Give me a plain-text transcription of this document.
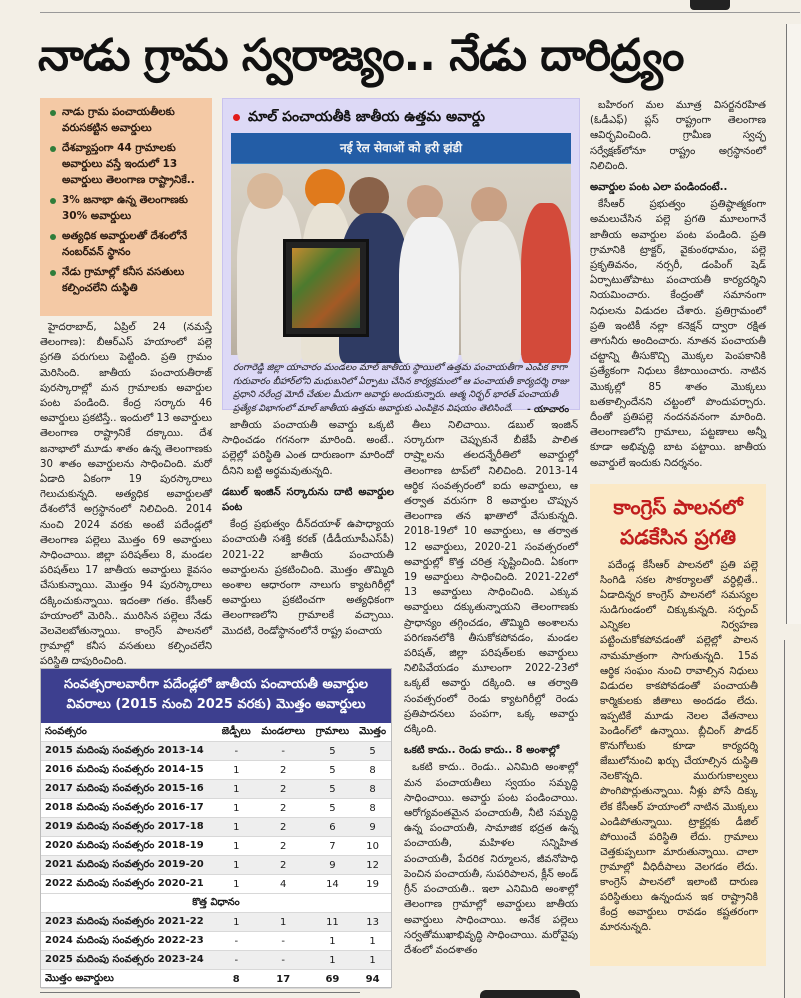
నాడు గ్రామ స్వరాజ్యం.. నేడు దారిద్ర్యం
నాడు గ్రామ పంచాయతీలకు వరుసకట్టిన అవార్డులు
దేశవ్యాప్తంగా 44 గ్రామాలకు అవార్డులు వస్తే ఇందులో 13 అవార్డులు తెలంగాణ రాష్ట్రానికే..
3% జనాభా ఉన్న తెలంగాణకు 30% అవార్డులు
అత్యధిక అవార్డులతో దేశంలోనే నంబర్‌వన్ స్థానం
నేడు గ్రామాల్లో కనీస వసతులు కల్పించలేని దుస్థితి

హైదరాబాద్, ఏప్రిల్ 24 (నమస్తే తెలంగాణ): బీఆర్‌ఎస్ హయాంలో పల్లె ప్రగతి పరుగులు పెట్టింది. ప్రతి గ్రామం మెరిసింది. జాతీయ పంచాయతీరాజ్ పురస్కారాల్లో మన గ్రామాలకు అవార్డుల పంట పండింది. కేంద్ర సర్కారు 46 అవార్డులు ప్రకటిస్తే.. ఇందులో 13 అవార్డులు తెలంగాణ రాష్ట్రానికే దక్కాయి. దేశ జనాభాలో మూడు శాతం ఉన్న తెలంగాణకు 30 శాతం అవార్డులను సాధించింది. మరో ఏడాది ఏకంగా 19 పురస్కారాలు గెలుచుకున్నది. అత్యధిక అవార్డులతో దేశంలోనే అగ్రస్థానంలో నిలిచింది. 2014 నుంచి 2024 వరకు అంటే పదేండ్లలో తెలంగాణ పల్లెలు మొత్తం 69 అవార్డులు సాధించాయి. జిల్లా పరిషత్‌లు 8, మండల పరిషత్‌లు 17 జాతీయ అవార్డులు కైవసం చేసుకున్నాయి. మొత్తం 94 పురస్కారాలు దక్కించుకున్నాయి. ఇదంతా గతం. కేసీఆర్ హయాంలో మెరిసి.. మురిసిన పల్లెలు నేడు వెలవెలబోతున్నాయి. కాంగ్రెస్ పాలనలో గ్రామాల్లో కనీస వసతులు కల్పించలేని పరిస్థితి దాపురించింది.

మాల్ పంచాయతీకి జాతీయ ఉత్తమ అవార్డు
नई रेल सेवाओं को हरी झंडी
రంగారెడ్డి జిల్లా యాచారం మండలం మాల్ జాతీయ స్థాయిలో ఉత్తమ పంచాయతీగా ఎంపిక కాగా గురువారం బీహార్‌లోని మధుబనిలో ఏర్పాటు చేసిన కార్యక్రమంలో ఆ పంచాయతీ కార్యదర్శి రాజు ప్రధాని నరేంద్ర మోదీ చేతుల మీదుగా అవార్డు అందుకున్నారు. ఆత్మ నిర్భర్ భారత్ పంచాయతీ ప్రత్యేక విభాగంలో మాల్ జాతీయ ఉత్తమ అవార్డుకు ఎంపికైన విషయం తెలిసిందే. - యాచారం

జాతీయ పంచాయతీ అవార్డు ఒక్కటి సాధించడం గగనంగా మారింది. అంటే.. పల్లెల్లో పరిస్థితి ఎంత దారుణంగా మారిందో దీనిని బట్టి అర్థమవుతున్నది.

డబుల్ ఇంజిన్ సర్కారును దాటి అవార్డుల పంట

కేంద్ర ప్రభుత్వం దీన్‌దయాళ్ ఉపాధ్యాయ పంచాయతీ సశక్తి కరణ్ (డీడీయూపీఎస్‌పీ) 2021-22 జాతీయ పంచాయతీ అవార్డులను ప్రకటించింది. మొత్తం తొమ్మిది అంశాల ఆధారంగా నాలుగు క్యాటగిరీల్లో అవార్డులు ప్రకటించగా అత్యధికంగా తెలంగాణలోని గ్రామాలకే వచ్చాయి. మొదటి, రెండోస్థానంలోనే రాష్ట్ర పంచాయ

తీలు నిలిచాయి. డబుల్ ఇంజిన్ సర్కారుగా చెప్పుకునే బీజేపీ పాలిత రాష్ర్టాలను తలదన్నేరీతిలో అవార్డుల్లో తెలంగాణ టాప్‌లో నిలిచింది. 2013-14 ఆర్థిక సంవత్సరంలో ఐదు అవార్డులు, ఆ తర్వాత వరుసగా 8 అవార్డుల చొప్పున తెలంగాణ తన ఖాతాలో వేసుకున్నది. 2018-19లో 10 అవార్డులు, ఆ తర్వాత 12 అవార్డులు, 2020-21 సంవత్సరంలో అవార్డుల్లో కొత్త చరిత్ర సృష్టించింది. ఏకంగా 19 అవార్డులు సాధించింది. 2021-22లో 13 అవార్డులు సాధించింది. ఎక్కువ అవార్డులు దక్కుతున్నాయని తెలంగాణకు ప్రాధాన్యం తగ్గించడం, తొమ్మిది అంశాలను పరిగణనలోకి తీసుకోకపోవడం, మండల పరిషత్, జిల్లా పరిషత్‌లకు అవార్డులు నిలిపివేయడం మూలంగా 2022-23లో ఒక్కటే అవార్డు దక్కింది. ఆ తర్వాతి సంవత్సరంలో రెండు క్యాటగిరీల్లో రెండు ప్రతిపాదనలు పంపగా, ఒక్క అవార్డు దక్కింది.

ఒకటి కాదు.. రెండు కాదు.. 8 అంశాల్లో

ఒకటి కాదు.. రెండు.. ఎనిమిది అంశాల్లో మన పంచాయతీలు స్వయం సమృద్ధి సాధించాయి. అవార్డు పంట పండించాయి. ఆరోగ్యవంతమైన పంచాయతీ, నీటి సమృద్ధి ఉన్న పంచాయతీ, సామాజిక భద్రత ఉన్న పంచాయతీ, మహిళల సన్నిహిత పంచాయతీ, పేదరిక నిర్మూలన, జీవనోపాధి పెంచిన పంచాయతీ, సుపరిపాలన, క్లీన్ అండ్ గ్రీన్ పంచాయతీ.. ఇలా ఎనిమిది అంశాల్లో తెలంగాణ గ్రామాల్లో అవార్డులు జాతీయ అవార్డులు సాధించాయి. అనేక పల్లెలు సర్వతోముఖాభివృద్ధి సాధించాయి. మరోవైపు దేశంలో వందశాతం

బహిరంగ మల మూత్ర విసర్జనరహిత (ఓడీఎఫ్) ప్లస్ రాష్ట్రంగా తెలంగాణ ఆవిర్భవించింది. గ్రామీణ స్వచ్ఛ సర్వేక్షణ్‌లోనూ రాష్ట్రం అగ్రస్థానంలో నిలిచింది.

అవార్డుల పంట ఎలా పండిందంటే..

కేసీఆర్ ప్రభుత్వం ప్రతిష్ఠాత్మకంగా అమలుచేసిన పల్లె ప్రగతి మూలంగానే జాతీయ అవార్డుల పంట పండింది. ప్రతి గ్రామానికి ట్రాక్టర్, వైకుంఠధామం, పల్లె ప్రకృతివనం, నర్సరీ, డంపింగ్ షెడ్ ఏర్పాటుతోపాటు పంచాయతీ కార్యదర్శిని నియమించారు. కేంద్రంతో సమానంగా నిధులను విడుదల చేశారు. ప్రతిగ్రామంలో ప్రతి ఇంటికీ నల్లా కనెక్షన్ ద్వారా రక్షిత తాగునీరు అందించారు. నూతన పంచాయతీ చట్టాన్ని తీసుకొచ్చి మొక్కల పెంపకానికి ప్రత్యేకంగా నిధులు కేటాయించారు. నాటిన మొక్కల్లో 85 శాతం మొక్కలు బతకాల్సిందేనని చట్టంలో పొందుపర్చారు. దీంతో ప్రతిపల్లె నందనవనంగా మారింది. తెలంగాణలోని గ్రామాలు, పట్టణాలు అన్నీ కూడా అభివృద్ధి బాట పట్టాయి. జాతీయ అవార్డులే ఇందుకు నిదర్శనం.

కాంగ్రెస్ పాలనలో పడకేసిన ప్రగతి

పదేండ్ల కేసీఆర్ పాలనలో ప్రతి పల్లె సింగిడి సకల సౌకర్యాలతో వర్ధిల్లితే.. ఏడాదిన్నర కాంగ్రెస్ పాలనలో సమస్యల సుడిగుండంలో చిక్కుకున్నది. సర్పంచ్ ఎన్నికల నిర్వహణ పట్టించుకోకపోవడంతో పల్లెల్లో పాలన నామమాత్రంగా సాగుతున్నది. 15వ ఆర్థిక సంఘం నుంచి రావాల్సిన నిధులు విడుదల కాకపోవడంతో పంచాయతీ కార్మికులకు జీతాలు అందడం లేదు. ఇప్పటికే మూడు నెలల వేతనాలు పెండింగ్‌లో ఉన్నాయి. బ్లీచింగ్ పౌడర్ కొనుగోలుకు కూడా కార్యదర్శి జేబులోనుంచి ఖర్చు చేయాల్సిన దుస్థితి నెలకొన్నది. మురుగుకాల్వలు పొంగిపొర్లుతున్నాయి. నీళ్లు పోసే దిక్కు లేక కేసీఆర్ హయాంలో నాటిన మొక్కలు ఎండిపోతున్నాయి. ట్రాక్టర్లకు డీజిల్ పోయించే పరిస్థితి లేదు. గ్రామాలు చెత్తకుప్పలుగా మారుతున్నాయి. చాలా గ్రామాల్లో వీధిదీపాలు వెలగడం లేదు. కాంగ్రెస్ పాలనలో ఇలాంటి దారుణ పరిస్థితులు ఉన్నందున ఇక రాష్ట్రానికి కేంద్ర అవార్డులు రావడం కష్టతరంగా మారనున్నది.

సంవత్సరాలవారీగా పదేండ్లలో జాతీయ పంచాయతీ అవార్డుల వివరాలు (2015 నుంచి 2025 వరకు) మొత్తం అవార్డులు
సంవత్సరం	జెడ్పీలు	మండలాలు	గ్రామాలు	మొత్తం
2015 మదింపు సంవత్సరం 2013-14	-	-	5	5
2016 మదింపు సంవత్సరం 2014-15	1	2	5	8
2017 మదింపు సంవత్సరం 2015-16	1	2	5	8
2018 మదింపు సంవత్సరం 2016-17	1	2	5	8
2019 మదింపు సంవత్సరం 2017-18	1	2	6	9
2020 మదింపు సంవత్సరం 2018-19	1	2	7	10
2021 మదింపు సంవత్సరం 2019-20	1	2	9	12
2022 మదింపు సంవత్సరం 2020-21	1	4	14	19
కొత్త విధానం				
2023 మదింపు సంవత్సరం 2021-22	1	1	11	13
2024 మదింపు సంవత్సరం 2022-23	-	-	1	1
2025 మదింపు సంవత్సరం 2023-24	-	-	1	1
మొత్తం అవార్డులు	8	17	69	94
